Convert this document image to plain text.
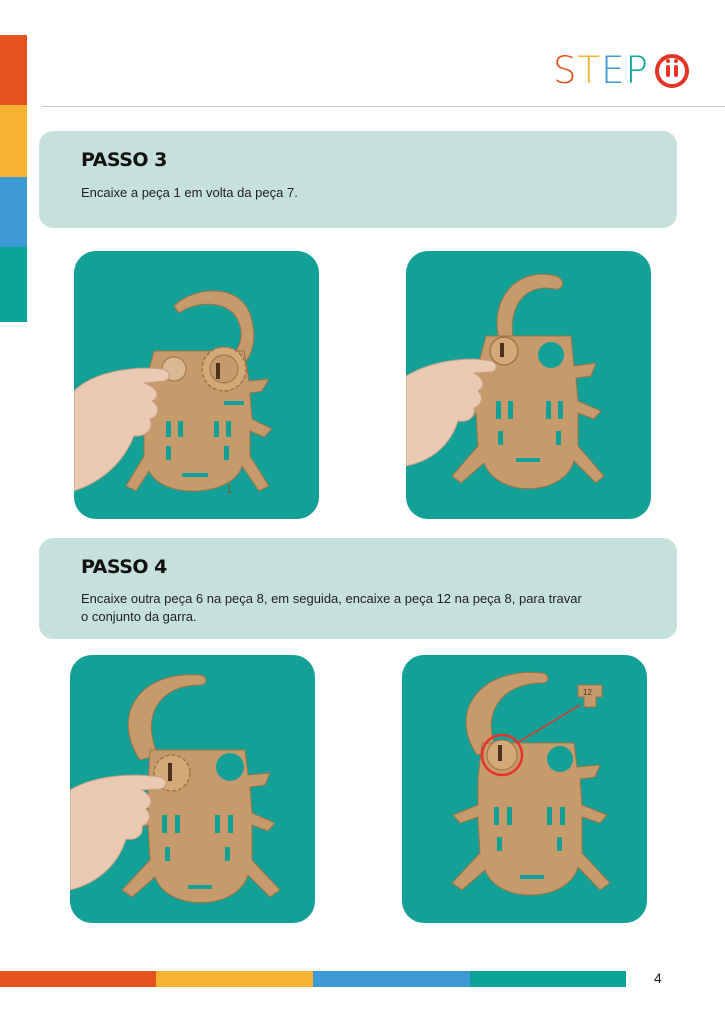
S T E P
PASSO 3
Encaixe a peça 1 em volta da peça 7.
1
PASSO 4
Encaixe outra peça 6 na peça 8, em seguida, encaixe a peça 12 na peça 8, para travar
o conjunto da garra.
12
4
